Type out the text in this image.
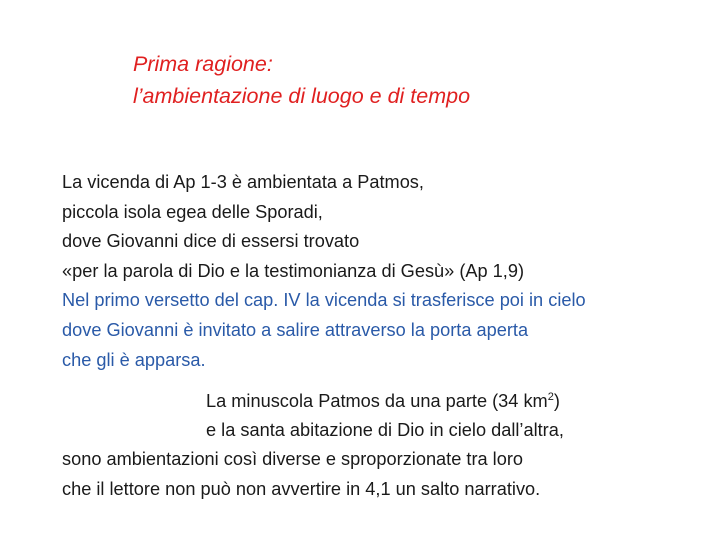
Prima ragione:
l’ambientazione di luogo e di tempo
La vicenda di Ap 1-3 è ambientata a Patmos,
piccola isola egea delle Sporadi,
dove Giovanni dice di essersi trovato
«per la parola di Dio e la testimonianza di Gesù» (Ap 1,9)
Nel primo versetto del cap. IV la vicenda si trasferisce poi in cielo
dove Giovanni è invitato a salire attraverso la porta aperta
che gli è apparsa.
La minuscola Patmos da una parte (34 $km^2$)
e la santa abitazione di Dio in cielo dall’altra,
sono ambientazioni così diverse e sproporzionate tra loro
che il lettore non può non avvertire in 4,1 un salto narrativo.
